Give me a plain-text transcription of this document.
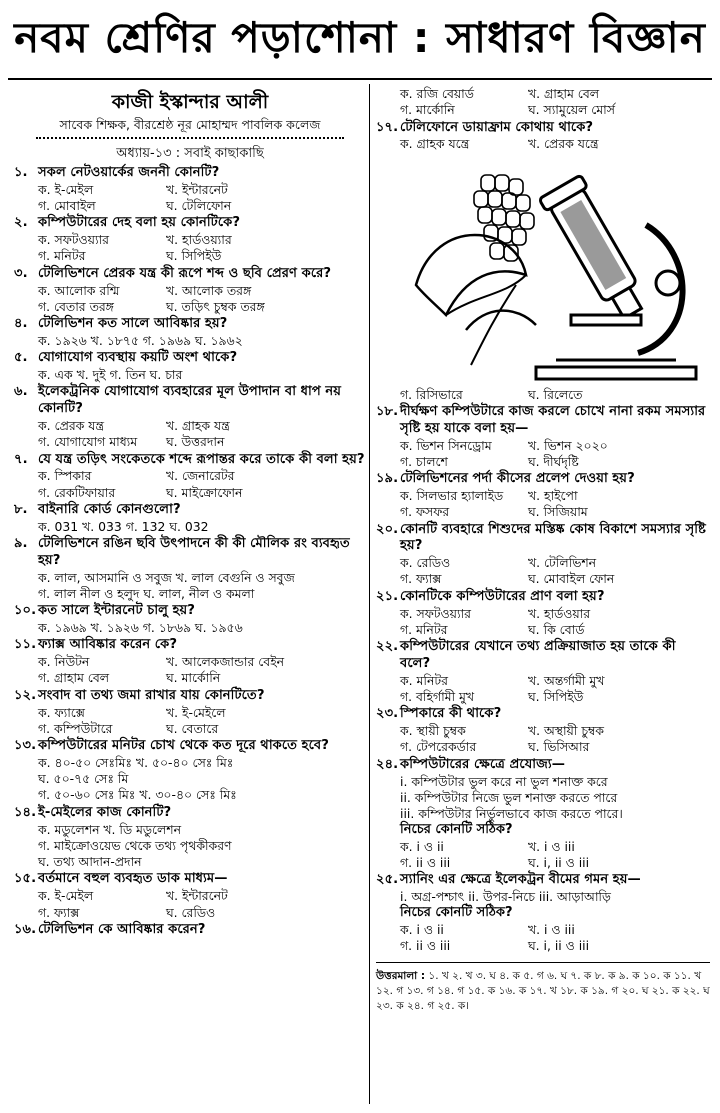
নবম শ্রেণির পড়াশোনা : সাধারণ বিজ্ঞান
কাজী ইস্কান্দার আলী
সাবেক শিক্ষক, বীরশ্রেষ্ঠ নূর মোহাম্মদ পাবলিক কলেজ
অধ্যায়-১৩ : সবাই কাছাকাছি
১. সকল নেটওয়ার্কের জননী কোনটি?
ক. ই-মেইল	খ. ইন্টারনেট
গ. মোবাইল	ঘ. টেলিফোন
২. কম্পিউটারের দেহ বলা হয় কোনটিকে?
ক. সফটওয়্যার	খ. হার্ডওয়্যার
গ. মনিটর	ঘ. সিপিইউ
৩. টেলিভিশনে প্রেরক যন্ত্র কী রূপে শব্দ ও ছবি প্রেরণ করে?
ক. আলোক রশ্মি	খ. আলোক তরঙ্গ
গ. বেতার তরঙ্গ	ঘ. তড়িৎ চুম্বক তরঙ্গ
৪. টেলিভিশন কত সালে আবিষ্কার হয়?
ক. ১৯২৬ খ. ১৮৭৫ গ. ১৯৬৯ ঘ. ১৯৬২
৫. যোগাযোগ ব্যবস্থায় কয়টি অংশ থাকে?
ক. এক খ. দুই গ. তিন ঘ. চার
৬. ইলেকট্রনিক যোগাযোগ ব্যবহারের মূল উপাদান বা ধাপ নয় কোনটি?
ক. প্রেরক যন্ত্র	খ. গ্রাহক যন্ত্র
গ. যোগাযোগ মাধ্যম	ঘ. উত্তরদান
৭. যে যন্ত্র তড়িৎ সংকেতকে শব্দে রূপান্তর করে তাকে কী বলা হয়?
ক. স্পিকার	খ. জেনারেটর
গ. রেকটিফায়ার	ঘ. মাইক্রোফোন
৮. বাইনারি কোর্ড কোনগুলো?
ক. 031 খ. 033 গ. 132 ঘ. 032
৯. টেলিভিশনে রঙিন ছবি উৎপাদনে কী কী মৌলিক রং ব্যবহৃত হয়?
ক. লাল, আসমানি ও সবুজ খ. লাল বেগুনি ও সবুজ
গ. লাল নীল ও হলুদ ঘ. লাল, নীল ও কমলা
১০. কত সালে ইন্টারনেট চালু হয়?
ক. ১৯৬৯ খ. ১৯২৬ গ. ১৮৬৯ ঘ. ১৯৫৬
১১. ফ্যাক্স আবিষ্কার করেন কে?
ক. নিউটন	খ. আলেকজান্ডার বেইন
গ. গ্রাহাম বেল	ঘ. মার্কোনি
১২. সংবাদ বা তথ্য জমা রাখার যায় কোনটিতে?
ক. ফ্যাক্সে	খ. ই-মেইলে
গ. কম্পিউটারে	ঘ. বেতারে
১৩. কম্পিউটারের মনিটর চোখ থেকে কত দূরে থাকতে হবে?
ক. ৪০-৫০ সেঃমিঃ খ. ৫০-৪০ সেঃ মিঃ
ঘ. ৫০-৭৫ সেঃ মি
গ. ৫০-৬০ সেঃ মিঃ খ. ৩০-৪০ সেঃ মিঃ
১৪. ই-মেইলের কাজ কোনটি?
ক. মডুলেশন খ. ডি মডুলেশন
গ. মাইক্রোওয়েভ থেকে তথ্য পৃথকীকরণ
ঘ. তথ্য আদান-প্রদান
১৫. বর্তমানে বহুল ব্যবহৃত ডাক মাধ্যম—
ক. ই-মেইল	খ. ইন্টারনেট
গ. ফ্যাক্স	ঘ. রেডিও
১৬. টেলিভিশন কে আবিষ্কার করেন?
ক. রজি বেয়ার্ড	খ. গ্রাহাম বেল
গ. মার্কোনি	ঘ. স্যামুয়েল মোর্স
১৭. টেলিফোনে ডায়াফ্রাম কোথায় থাকে?
ক. গ্রাহক যন্ত্রে	খ. প্রেরক যন্ত্রে
গ. রিসিভারে	ঘ. রিলেতে
১৮. দীর্ঘক্ষণ কম্পিউটারে কাজ করলে চোখে নানা রকম সমস্যার সৃষ্টি হয় যাকে বলা হয়—
ক. ভিশন সিনড্রোম	খ. ভিশন ২০২০
গ. চালশে	ঘ. দীর্ঘদৃষ্টি
১৯. টেলিভিশনের পর্দা কীসের প্রলেপ দেওয়া হয়?
ক. সিলভার হ্যালাইড	খ. হাইপো
গ. ফসফর	ঘ. সিজিয়াম
২০. কোনটি ব্যবহারে শিশুদের মস্তিষ্ক কোষ বিকাশে সমস্যার সৃষ্টি হয়?
ক. রেডিও	খ. টেলিভিশন
গ. ফ্যাক্স	ঘ. মোবাইল ফোন
২১. কোনটিকে কম্পিউটারের প্রাণ বলা হয়?
ক. সফটওয়্যার	খ. হার্ডওয়ার
গ. মনিটর	ঘ. কি বোর্ড
২২. কম্পিউটারের যেখানে তথ্য প্রক্রিয়াজাত হয় তাকে কী বলে?
ক. মনিটর	খ. অন্তর্গামী মুখ
গ. বহির্গামী মুখ	ঘ. সিপিইউ
২৩. স্পিকারে কী থাকে?
ক. স্থায়ী চুম্বক	খ. অস্থায়ী চুম্বক
গ. টেপরেকর্ডার	ঘ. ভিসিআর
২৪. কম্পিউটারের ক্ষেত্রে প্রযোজ্য—
i. কম্পিউটার ভুল করে না ভুল শনাক্ত করে
ii. কম্পিউটার নিজে ভুল শনাক্ত করতে পারে
iii. কম্পিউটার নির্ভুলভাবে কাজ করতে পারে।
নিচের কোনটি সঠিক?
ক. i ও ii	খ. i ও iii
গ. ii ও iii	ঘ. i, ii ও iii
২৫. স্যানিং এর ক্ষেত্রে ইলেকট্রন বীমের গমন হয়—
i. অগ্র-পশ্চাৎ ii. উপর-নিচে iii. আড়াআড়ি
নিচের কোনটি সঠিক?
ক. i ও ii	খ. i ও iii
গ. ii ও iii	ঘ. i, ii ও iii
উত্তরমালা : ১. খ ২. খ ৩. ঘ ৪. ক ৫. গ ৬. ঘ ৭. ক ৮. ক ৯. ক ১০. ক ১১. খ ১২. গ ১৩. গ ১৪. গ ১৫. ক ১৬. ক ১৭. খ ১৮. ক ১৯. গ ২০. ঘ ২১. ক ২২. ঘ ২৩. ক ২৪. গ ২৫. ক।
